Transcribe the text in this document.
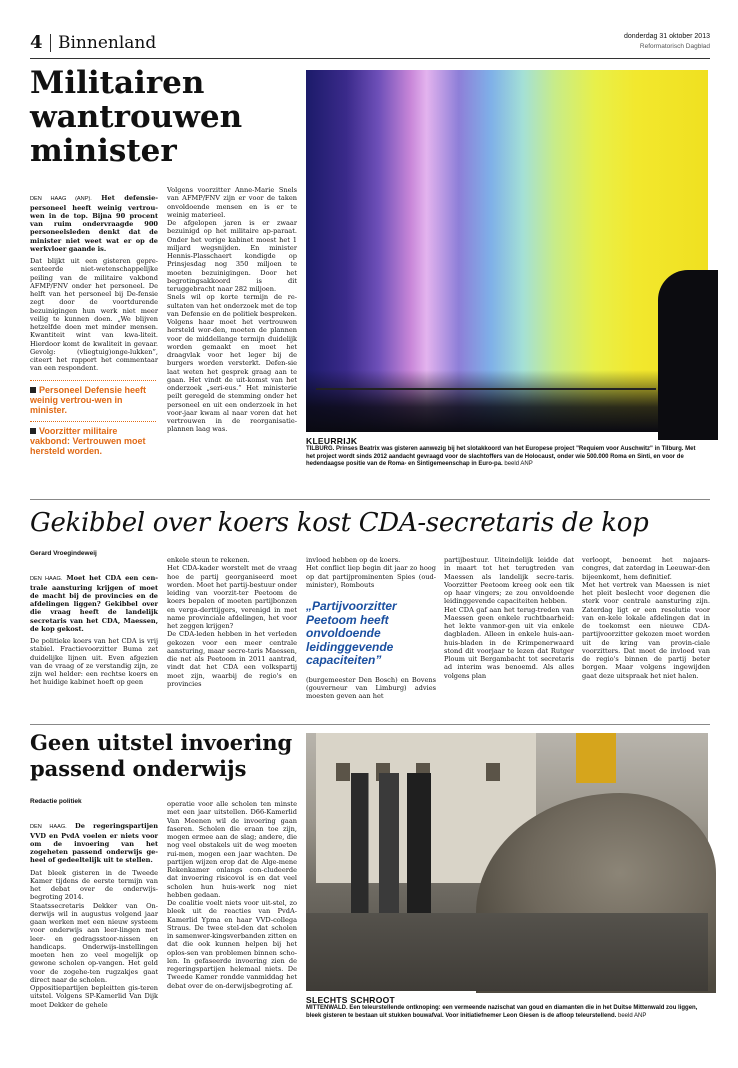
4 Binnenland	donderdag 31 oktober 2013
Reformatorisch Dagblad
Militairen wantrouwen minister

DEN HAAG (ANP). Het defensie-personeel heeft weinig vertrou-wen in de top. Bijna 90 procent van ruim ondervraagde 900 personeelsleden denkt dat de minister niet weet wat er op de werkvloer gaande is.

Dat blijkt uit een gisteren gepre-senteerde niet-wetenschappelijke peiling van de militaire vakbond AFMP/FNV onder het personeel. De helft van het personeel bij De-fensie zegt door de voortdurende bezuinigingen hun werk niet meer veilig te kunnen doen. „We blijven hetzelfde doen met minder mensen. Kwantiteit wint van kwa-liteit. Hierdoor komt de kwaliteit in gevaar. Gevolg: (vliegtuig)onge-lukken”, citeert het rapport het commentaar van een respondent.

Personeel Defensie heeft weinig vertrou-wen in minister.
Voorzitter militaire vakbond: Vertrouwen moet hersteld worden.
Volgens voorzitter Anne-Marie Snels van AFMP/FNV zijn er voor de taken onvoldoende mensen en is er te weinig materieel.
De afgelopen jaren is er zwaar bezuinigd op het militaire ap-paraat. Onder het vorige kabinet moest het 1 miljard wegsnijden. En minister Hennis-Plasschaert kondigde op Prinsjesdag nog 350 miljoen te moeten bezuinigingen. Door het begrotingsakkoord is dit teruggebracht naar 282 miljoen.
Snels wil op korte termijn de re-sultaten van het onderzoek met de top van Defensie en de politiek bespreken. Volgens haar moet het vertrouwen hersteld wor-den, moeten de plannen voor de middellange termijn duidelijk worden gemaakt en moet het draagvlak voor het leger bij de burgers worden versterkt. Defen-sie laat weten het gesprek graag aan te gaan. Het vindt de uit-komst van het onderzoek „seri-eus.” Het ministerie peilt geregeld de stemming onder het personeel en uit een onderzoek in het voor-jaar kwam al naar voren dat het vertrouwen in de reorganisatie-plannen laag was.
KLEURRIJK
TILBURG. Prinses Beatrix was gisteren aanwezig bij het slotakkoord van het Europese project "Requiem voor Auschwitz" in Tilburg. Met het project wordt sinds 2012 aandacht gevraagd voor de slachtoffers van de Holocaust, onder wie 500.000 Roma en Sinti, en voor de hedendaagse positie van de Roma- en Sintigemeenschap in Euro-pa. beeld ANP
Gekibbel over koers kost CDA-secretaris de kop
Gerard Vroegindeweij

DEN HAAG. Moet het CDA een cen-trale aansturing krijgen of moet de macht bij de provincies en de afdelingen liggen? Gekibbel over die vraag heeft de landelijk secretaris van het CDA, Maessen, de kop gekost.

De politieke koers van het CDA is vrij stabiel. Fractievoorzitter Buma zet duidelijke lijnen uit. Even afgezien van de vraag of ze verstandig zijn, ze zijn wel helder: een rechtse koers en het huidige kabinet hoeft op geen

enkele steun te rekenen.
Het CDA-kader worstelt met de vraag hoe de partij georganiseerd moet worden. Moet het partij-bestuur onder leiding van voorzit-ter Peetoom de koers bepalen of moeten partijbonzen en verga-derttijgers, verenigd in met name provinciale afdelingen, het voor het zeggen krijgen?
De CDA-leden hebben in het verleden gekozen voor een meer centrale aansturing, maar secre-taris Maessen, die net als Peetoom in 2011 aantrad, vindt dat het CDA een volkspartij moet zijn, waarbij de regio's en provincies
invloed hebben op de koers.
Het conflict liep begin dit jaar zo hoog op dat partijprominenten Spies (oud-minister), Rombouts
„Partijvoorzitter Peetoom heeft onvoldoende leidinggevende capaciteiten”
(burgemeester Den Bosch) en Bovens (gouverneur van Limburg) advies moesten geven aan het
partijbestuur. Uiteindelijk leidde dat in maart tot het terugtreden van Maessen als landelijk secre-taris. Voorzitter Peetoom kreeg ook een tik op haar vingers; ze zou onvoldoende leidinggevende capaciteiten hebben.
Het CDA gaf aan het terug-treden van Maessen geen enkele ruchtbaarheid: het lekte vanmor-gen uit via enkele dagbladen. Alleen in enkele huis-aan-huis-bladen in de Krimpenerwaard stond dit voorjaar te lezen dat Rutger Ploum uit Bergambacht tot secretaris ad interim was benoemd. Als alles volgens plan
verloopt, benoemt het najaars-congres, dat zaterdag in Leeuwar-den bijeenkomt, hem definitief.
Met het vertrek van Maessen is niet het pleit beslecht voor degenen die sterk voor centrale aansturing zijn. Zaterdag ligt er een resolutie voor van en-kele lokale afdelingen dat in de toekomst een nieuwe CDA-partijvoorzitter gekozen moet worden uit de kring van provin-ciale voorzitters. Dat moet de invloed van de regio's binnen de partij beter borgen. Maar volgens ingewijden gaat deze uitspraak het niet halen.
Geen uitstel invoering passend onderwijs
Redactie politiek

DEN HAAG. De regeringspartijen VVD en PvdA voelen er niets voor om de invoering van het zogeheten passend onderwijs ge-heel of gedeeltelijk uit te stellen.

Dat bleek gisteren in de Tweede Kamer tijdens de eerste termijn van het debat over de onderwijs-begroting 2014.
Staatssecretaris Dekker van On-derwijs wil in augustus volgend jaar gaan werken met een nieuw systeem voor onderwijs aan leer-lingen met leer- en gedragsstoor-nissen en handicaps. Onderwijs-instellingen moeten hen zo veel mogelijk op gewone scholen op-vangen. Het geld voor de zogehe-ten rugzakjes gaat direct naar de scholen.
Oppositiepartijen bepleitten gis-teren uitstel. Volgens SP-Kamerlid Van Dijk moet Dekker de gehele

operatie voor alle scholen ten minste met een jaar uitstellen. D66-Kamerlid Van Meenen wil de invoering gaan faseren. Scholen die eraan toe zijn, mogen ermee aan de slag; andere, die nog veel obstakels uit de weg moeten rui-men, mogen een jaar wachten. De partijen wijzen erop dat de Alge-mene Rekenkamer onlangs con-cludeerde dat invoering risicovol is en dat veel scholen hun huis-werk nog niet hebben gedaan.
De coalitie voelt niets voor uit-stel, zo bleek uit de reacties van PvdA-Kamerlid Ypma en haar VVD-collega Straus. De twee stel-den dat scholen in samenwer-kingsverbanden zitten en dat die ook kunnen helpen bij het oplos-sen van problemen binnen scho-len. In gefaseerde invoering zien de regeringspartijen helemaal niets. De Tweede Kamer rondde vanmiddag het debat over de on-derwijsbegroting af.
SLECHTS SCHROOT
MITTENWALD. Een teleurstellende ontknoping: een vermeende nazischat van goud en diamanten die in het Duitse Mittenwald zou liggen, bleek gisteren te bestaan uit stukken bouwafval. Voor initiatiefnemer Leon Giesen is de afloop teleurstellend. beeld ANP
